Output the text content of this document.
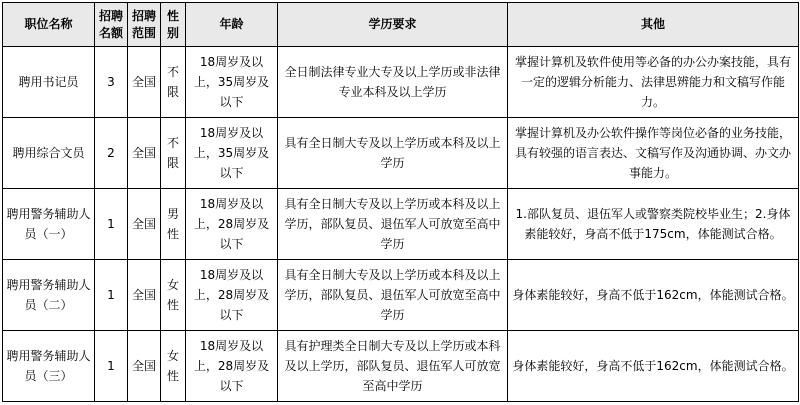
职位名称	招聘名额	招聘范围	性别	年龄	学历要求	其他
聘用书记员	3	全国	不限	18周岁及以上，35周岁及以下	全日制法律专业大专及以上学历或非法律专业本科及以上学历	掌握计算机及软件使用等必备的办公办案技能，具有一定的逻辑分析能力、法律思辨能力和文稿写作能力。
聘用综合文员	2	全国	不限	18周岁及以上，35周岁及以下	具有全日制大专及以上学历或本科及以上学历	掌握计算机及办公软件操作等岗位必备的业务技能，具有较强的语言表达、文稿写作及沟通协调、办文办事能力。
聘用警务辅助人员（一）	1	全国	男性	18周岁及以上，28周岁及以下	具有全日制大专及以上学历或本科及以上学历，部队复员、退伍军人可放宽至高中学历	1.部队复员、退伍军人或警察类院校毕业生；2.身体素能较好，身高不低于175cm，体能测试合格。
聘用警务辅助人员（二）	1	全国	女性	18周岁及以上，28周岁及以下	具有全日制大专及以上学历或本科及以上学历，部队复员、退伍军人可放宽至高中学历	身体素能较好，身高不低于162cm，体能测试合格。
聘用警务辅助人员（三）	1	全国	女性	18周岁及以上，28周岁及以下	具有护理类全日制大专及以上学历或本科及以上学历，部队复员、退伍军人可放宽至高中学历	身体素能较好，身高不低于162cm，体能测试合格。
